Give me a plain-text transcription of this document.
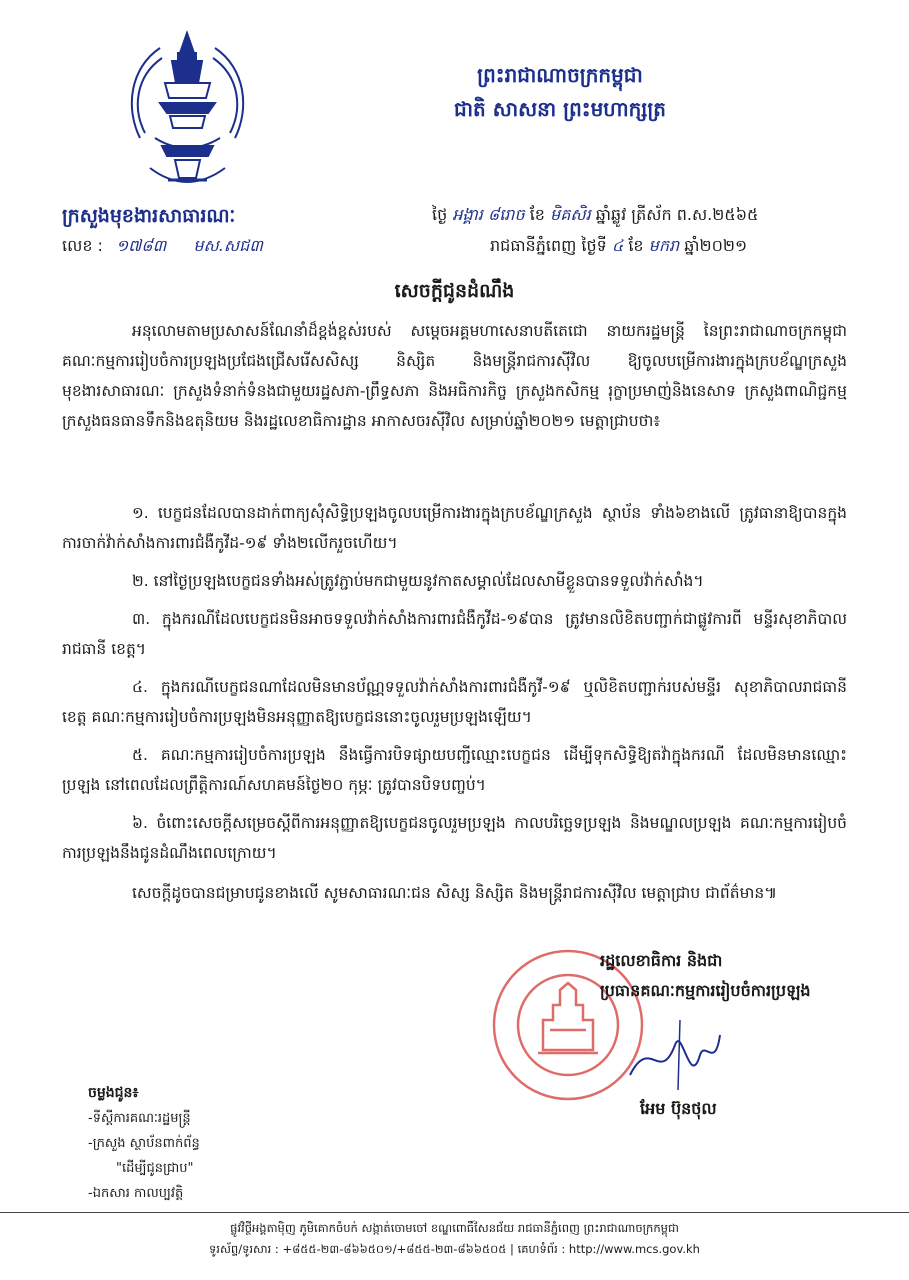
ព្រះរាជាណាចក្រកម្ពុជា
ជាតិ សាសនា ព្រះមហាក្សត្រ
ក្រសួងមុខងារសាធារណៈ
លេខ : ១៧៨៣ មស.សជ៣
ថ្ងៃ អង្គារ ៨រោច ខែ មិគសិរ ឆ្នាំឆ្លូវ ត្រីស័ក ព.ស.២៥៦៥
រាជធានីភ្នំពេញ ថ្ងៃទី ៤ ខែ មករា ឆ្នាំ២០២១
សេចក្ដីជូនដំណឹង

អនុលោមតាមប្រសាសន៍ណែនាំដ៏ខ្ពង់ខ្ពស់របស់ សម្ដេចអគ្គមហាសេនាបតីតេជោ នាយករដ្ឋមន្ត្រី នៃព្រះរាជាណាចក្រកម្ពុជា គណៈកម្មការរៀបចំការប្រឡងប្រជែងជ្រើសរើសសិស្ស និស្សិត និងមន្ត្រីរាជការស៊ីវិល ឱ្យចូលបម្រើការងារក្នុងក្របខ័ណ្ឌក្រសួងមុខងារសាធារណៈ ក្រសួងទំនាក់ទំនងជាមួយរដ្ឋសភា-ព្រឹទ្ធសភា និងអធិការកិច្ច ក្រសួងកសិកម្ម រុក្ខាប្រមាញ់និងនេសាទ ក្រសួងពាណិជ្ជកម្ម ក្រសួងធនធានទឹកនិងឧតុនិយម និងរដ្ឋលេខាធិការដ្ឋាន អាកាសចរស៊ីវិល សម្រាប់ឆ្នាំ២០២១ មេត្តាជ្រាបថា៖

១. បេក្ខជនដែលបានដាក់ពាក្យសុំសិទ្ធិប្រឡងចូលបម្រើការងារក្នុងក្របខ័ណ្ឌក្រសួង ស្ថាប័ន ទាំង៦ខាងលើ ត្រូវធានាឱ្យបានក្នុងការចាក់វ៉ាក់សាំងការពារជំងឺកូវីដ-១៩ ទាំង២លើករួចហើយ។

២. នៅថ្ងៃប្រឡងបេក្ខជនទាំងអស់ត្រូវភ្ជាប់មកជាមួយនូវកាតសម្គាល់ដែលសាមីខ្លួនបានទទួលវ៉ាក់សាំង។

៣. ក្នុងករណីដែលបេក្ខជនមិនអាចទទួលវ៉ាក់សាំងការពារជំងឺកូវីដ-១៩បាន ត្រូវមានលិខិតបញ្ជាក់ជាផ្លូវការពី មន្ទីរសុខាភិបាលរាជធានី ខេត្ត។

៤. ក្នុងករណីបេក្ខជនណាដែលមិនមានប័ណ្ណទទួលវ៉ាក់សាំងការពារជំងឺកូវី-១៩ ឬលិខិតបញ្ជាក់របស់មន្ទីរ សុខាភិបាលរាជធានី ខេត្ត គណៈកម្មការរៀបចំការប្រឡងមិនអនុញ្ញាតឱ្យបេក្ខជននោះចូលរួមប្រឡងឡើយ។

៥. គណៈកម្មការរៀបចំការប្រឡង នឹងធ្វើការបិទផ្សាយបញ្ជីឈ្មោះបេក្ខជន ដើម្បីទុកសិទ្ធិឱ្យតវ៉ាក្នុងករណី ដែលមិនមានឈ្មោះប្រឡង នៅពេលដែលព្រឹត្តិការណ៍សហគមន៍ថ្ងៃ២០ កុម្ភៈ ត្រូវបានបិទបញ្ចប់។

៦. ចំពោះសេចក្ដីសម្រេចស្ដីពីការអនុញ្ញាតឱ្យបេក្ខជនចូលរួមប្រឡង កាលបរិច្ឆេទប្រឡង និងមណ្ឌលប្រឡង គណៈកម្មការរៀបចំការប្រឡងនឹងជូនដំណឹងពេលក្រោយ។

សេចក្ដីដូចបានជម្រាបជូនខាងលើ សូមសាធារណៈជន សិស្ស និស្សិត និងមន្ត្រីរាជការស៊ីវិល មេត្តាជ្រាប ជាព័ត៌មាន៕

រដ្ឋលេខាធិការ និងជា
ប្រធានគណៈកម្មការរៀបចំការប្រឡង
អែម ប៊ុនថុល
ចម្លងជូន៖
-ទីស្ដីការគណៈរដ្ឋមន្ត្រី
-ក្រសួង ស្ថាប័នពាក់ព័ន្ធ
"ដើម្បីជូនជ្រាប"
-ឯកសារ កាលប្បវត្តិ
ផ្លូវវិថ្ថីអង្គតាម៉ិញ ភូមិគោកចំបក់ សង្កាត់ចោមចៅ ខណ្ឌពោធិ៍សែនជ័យ រាជធានីភ្នំពេញ ព្រះរាជាណាចក្រកម្ពុជា
ទូរស័ព្ទ/ទូរសារ : +៨៥៥-២៣-៨៦៦៥០១/+៨៥៥-២៣-៨៦៦៥០៥ | គេហទំព័រ : http://www.mcs.gov.kh
